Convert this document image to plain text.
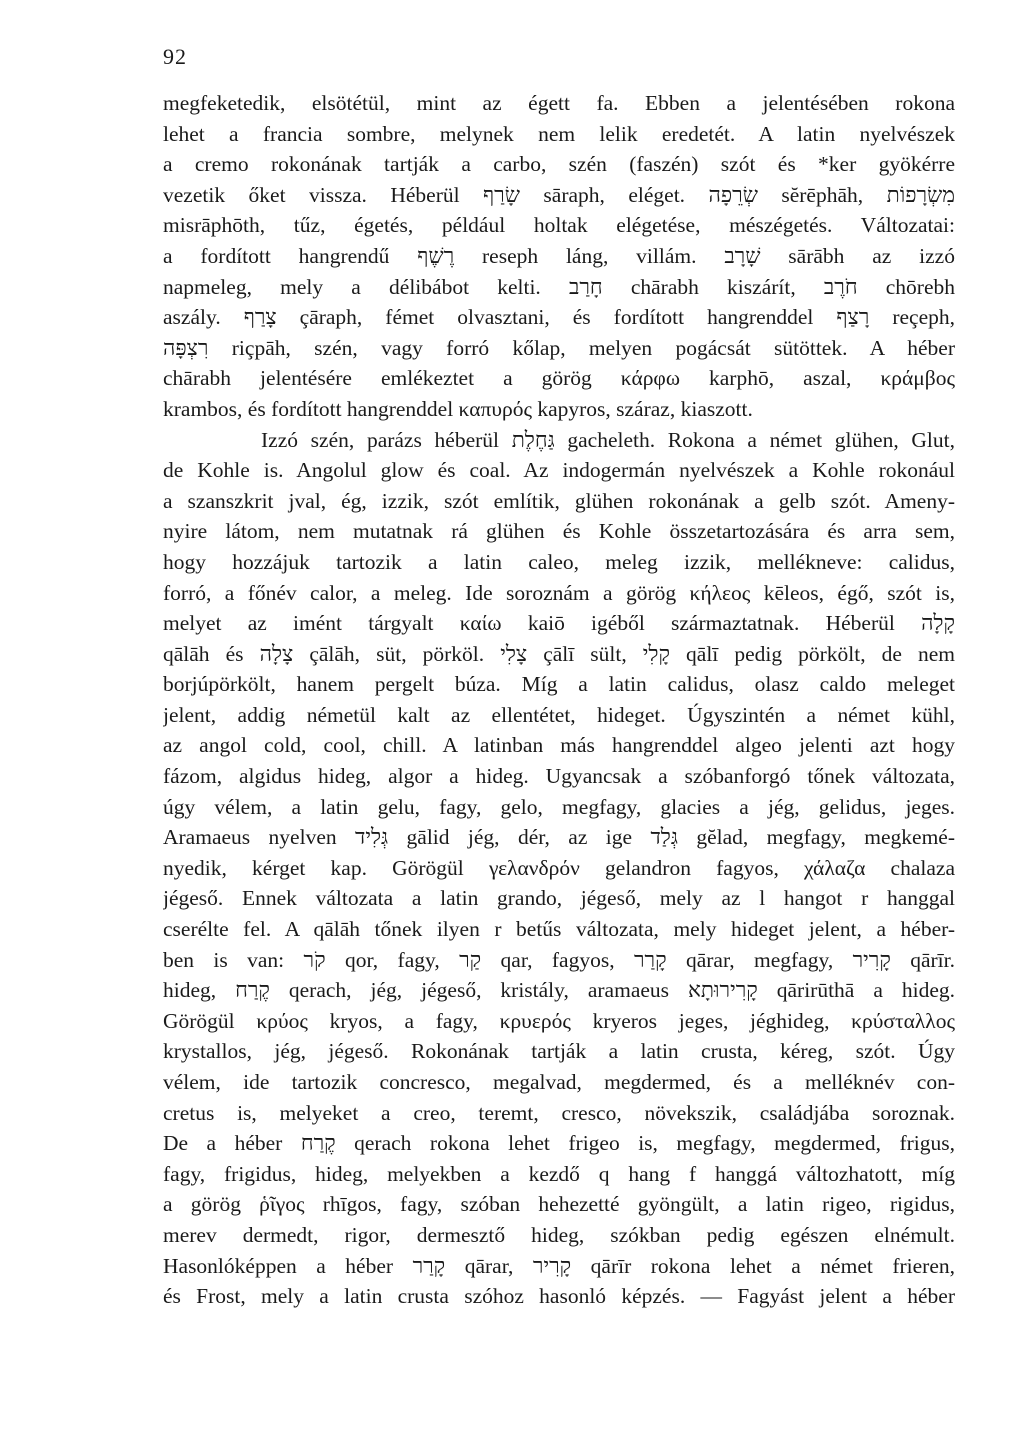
92
megfeketedik, elsötétül, mint az égett fa. Ebben a jelentésében rokona
lehet a francia sombre, melynek nem lelik eredetét. A latin nyelvészek
a cremo rokonának tartják a carbo, szén (faszén) szót és *ker gyökérre
vezetik őket vissza. Héberül שָׂרַף sāraph, eléget. שְׂרֵפָה sĕrēphāh, מִשְׂרָפוֹת
misrāphōth, tűz, égetés, például holtak elégetése, mészégetés. Változatai:
a fordított hangrendű רֶשֶׁף reseph láng, villám. שָׁרָב sārābh az izzó
napmeleg, mely a délibábot kelti. חָרַב chārabh kiszárít, חֹרֶב chōrebh
aszály. צָרַף çāraph, fémet olvasztani, és fordított hangrenddel רָצַף reçeph,
רִצְפָּה riçpāh, szén, vagy forró kőlap, melyen pogácsát sütöttek. A héber
chārabh jelentésére emlékeztet a görög κάρφω karphō, aszal, κράμβος
krambos, és fordított hangrenddel καπυρός kapyros, száraz, kiaszott.
Izzó szén, parázs héberül גַּחֶלֶת gacheleth. Rokona a német glühen, Glut,
de Kohle is. Angolul glow és coal. Az indogermán nyelvészek a Kohle rokonául
a szanszkrit jval, ég, izzik, szót említik, glühen rokonának a gelb szót. Ameny-
nyire látom, nem mutatnak rá glühen és Kohle összetartozására és arra sem,
hogy hozzájuk tartozik a latin caleo, meleg izzik, mellékneve: calidus,
forró, a főnév calor, a meleg. Ide soroznám a görög κήλεος kēleos, égő, szót is,
melyet az imént tárgyalt καίω kaiō igéből származtatnak. Héberül קָלָה
qālāh és צָלָה çālāh, süt, pörköl. צָלִי çālī sült, קָלִי qālī pedig pörkölt, de nem
borjúpörkölt, hanem pergelt búza. Míg a latin calidus, olasz caldo meleget
jelent, addig németül kalt az ellentétet, hideget. Úgyszintén a német kühl,
az angol cold, cool, chill. A latinban más hangrenddel algeo jelenti azt hogy
fázom, algidus hideg, algor a hideg. Ugyancsak a szóbanforgó tőnek változata,
úgy vélem, a latin gelu, fagy, gelo, megfagy, glacies a jég, gelidus, jeges.
Aramaeus nyelven גְּלִיד gālid jég, dér, az ige גְּלַד gĕlad, megfagy, megkemé-
nyedik, kérget kap. Görögül γελανδρόν gelandron fagyos, χάλαζα chalaza
jégeső. Ennek változata a latin grando, jégeső, mely az l hangot r hanggal
cserélte fel. A qālāh tőnek ilyen r betűs változata, mely hideget jelent, a héber-
ben is van: קֹר qor, fagy, קַר qar, fagyos, קָרַר qārar, megfagy, קָרִיר qārīr.
hideg, קֶרַח qerach, jég, jégeső, kristály, aramaeus קָרִירוּתָא qārirūthā a hideg.
Görögül κρύος kryos, a fagy, κρυερός kryeros jeges, jéghideg, κρύσταλλος
krystallos, jég, jégeső. Rokonának tartják a latin crusta, kéreg, szót. Úgy
vélem, ide tartozik concresco, megalvad, megdermed, és a melléknév con-
cretus is, melyeket a creo, teremt, cresco, növekszik, családjába soroznak.
De a héber קֶרַח qerach rokona lehet frigeo is, megfagy, megdermed, frigus,
fagy, frigidus, hideg, melyekben a kezdő q hang f hanggá változhatott, míg
a görög ῥῖγος rhīgos, fagy, szóban hehezetté gyöngült, a latin rigeo, rigidus,
merev dermedt, rigor, dermesztő hideg, szókban pedig egészen elnémult.
Hasonlóképpen a héber קָרַר qārar, קָרִיר qārīr rokona lehet a német frieren,
és Frost, mely a latin crusta szóhoz hasonló képzés. — Fagyást jelent a héber
